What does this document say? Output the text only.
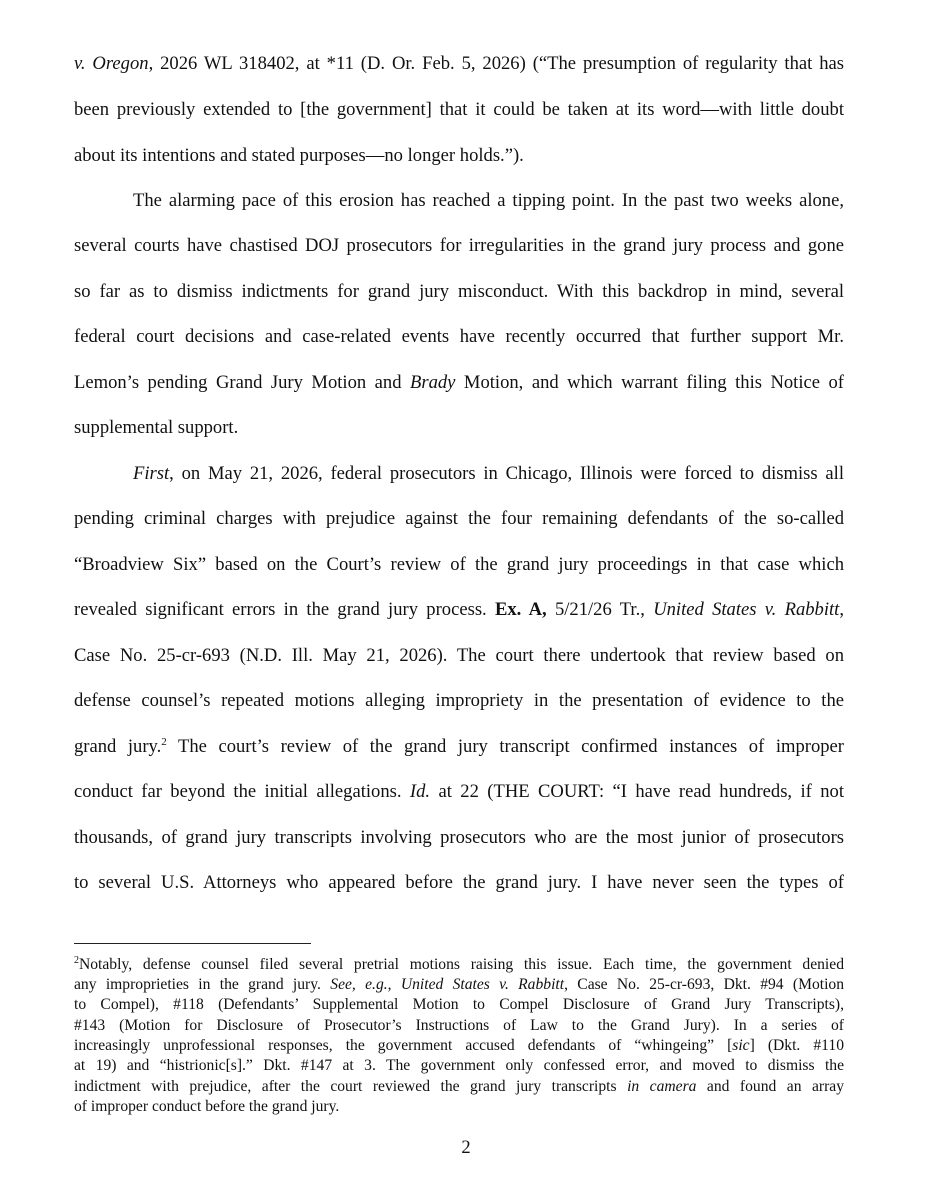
v. Oregon, 2026 WL 318402, at *11 (D. Or. Feb. 5, 2026) (“The presumption of regularity that has
been previously extended to [the government] that it could be taken at its word—with little doubt
about its intentions and stated purposes—no longer holds.”).
The alarming pace of this erosion has reached a tipping point. In the past two weeks alone,
several courts have chastised DOJ prosecutors for irregularities in the grand jury process and gone
so far as to dismiss indictments for grand jury misconduct. With this backdrop in mind, several
federal court decisions and case-related events have recently occurred that further support Mr.
Lemon’s pending Grand Jury Motion and Brady Motion, and which warrant filing this Notice of
supplemental support.
First, on May 21, 2026, federal prosecutors in Chicago, Illinois were forced to dismiss all
pending criminal charges with prejudice against the four remaining defendants of the so-called
“Broadview Six” based on the Court’s review of the grand jury proceedings in that case which
revealed significant errors in the grand jury process. Ex. A, 5/21/26 Tr., United States v. Rabbitt,
Case No. 25-cr-693 (N.D. Ill. May 21, 2026). The court there undertook that review based on
defense counsel’s repeated motions alleging impropriety in the presentation of evidence to the
grand jury.$^2$ The court’s review of the grand jury transcript confirmed instances of improper
conduct far beyond the initial allegations. Id. at 22 (THE COURT: “I have read hundreds, if not
thousands, of grand jury transcripts involving prosecutors who are the most junior of prosecutors
to several U.S. Attorneys who appeared before the grand jury. I have never seen the types of
$^2$Notably, defense counsel filed several pretrial motions raising this issue. Each time, the government denied
any improprieties in the grand jury. See, e.g., United States v. Rabbitt, Case No. 25-cr-693, Dkt. #94 (Motion
to Compel), #118 (Defendants’ Supplemental Motion to Compel Disclosure of Grand Jury Transcripts),
#143 (Motion for Disclosure of Prosecutor’s Instructions of Law to the Grand Jury). In a series of
increasingly unprofessional responses, the government accused defendants of “whingeing” [sic] (Dkt. #110
at 19) and “histrionic[s].” Dkt. #147 at 3. The government only confessed error, and moved to dismiss the
indictment with prejudice, after the court reviewed the grand jury transcripts in camera and found an array
of improper conduct before the grand jury.
2
